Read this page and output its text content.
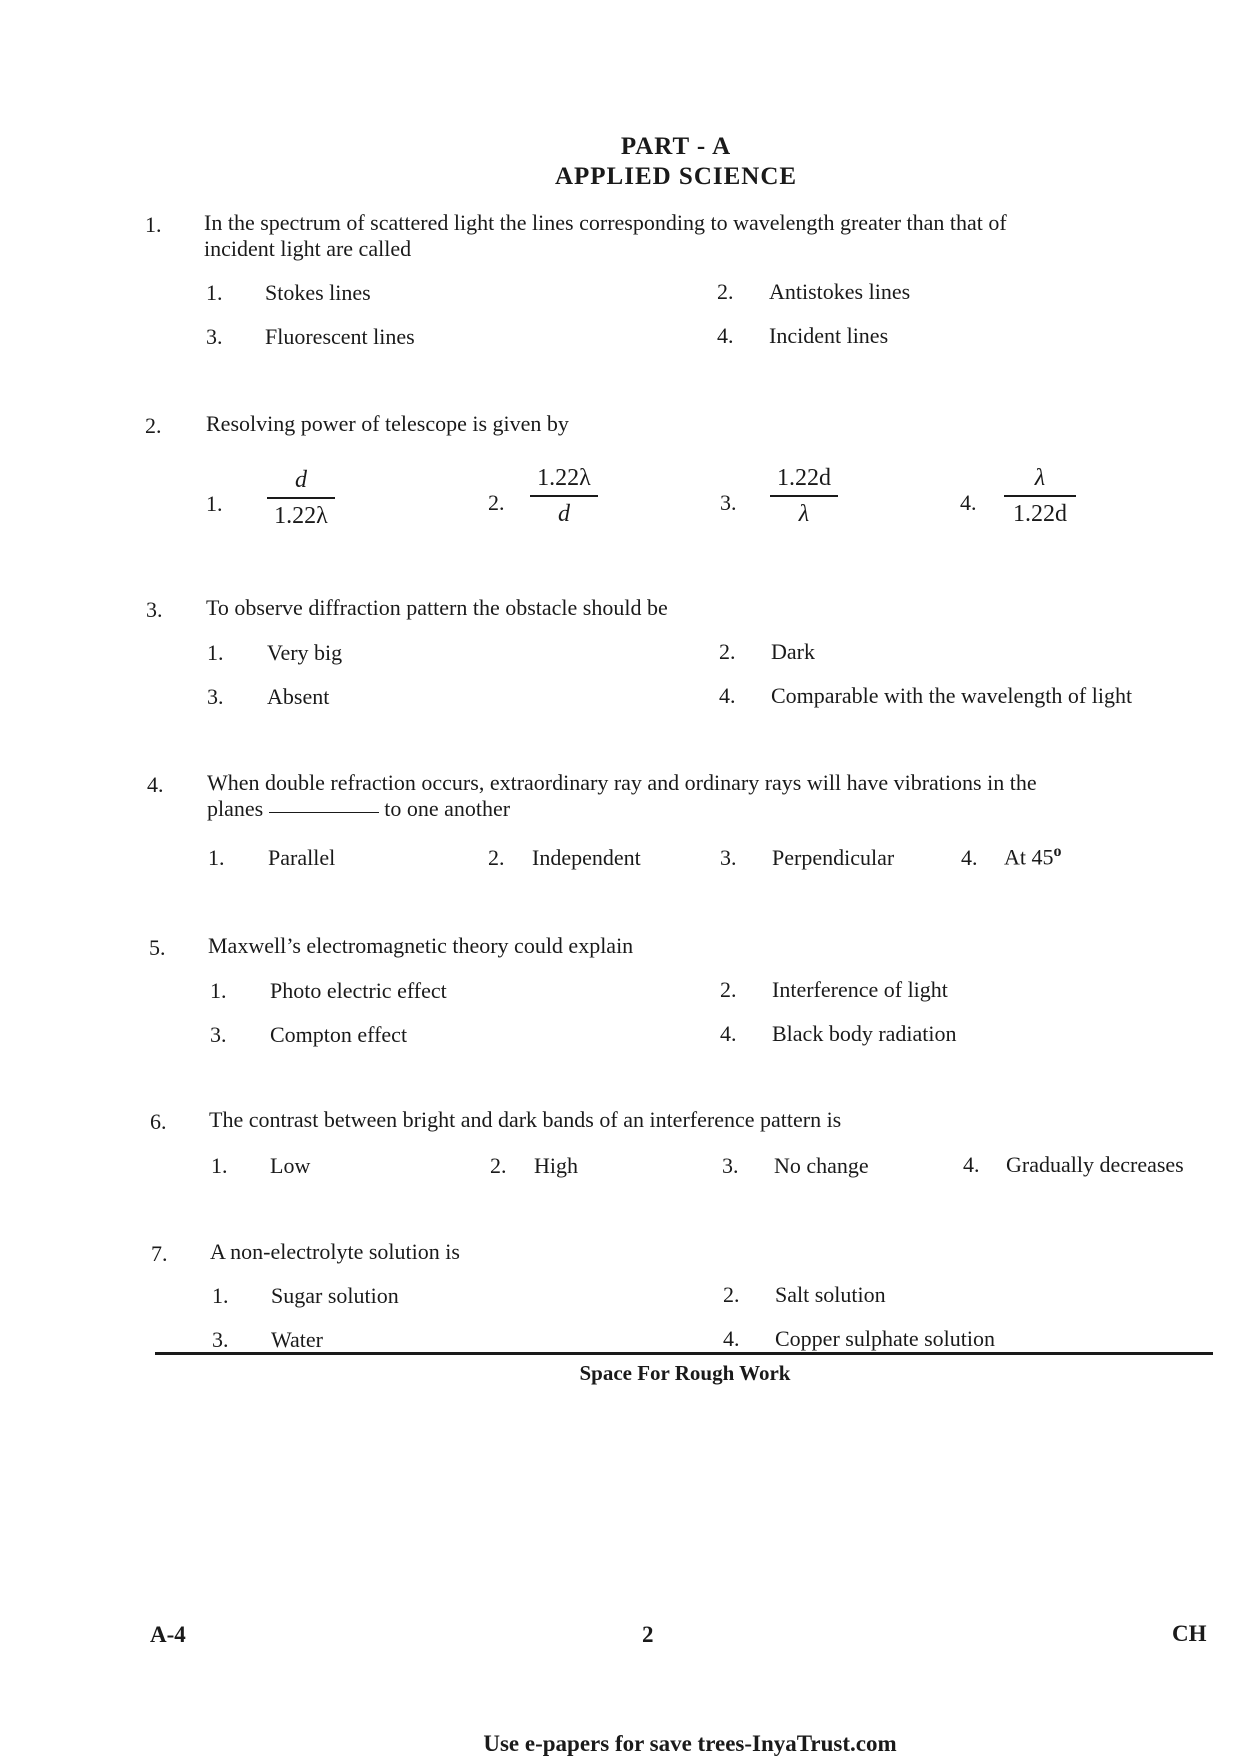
PART - A
APPLIED SCIENCE
1. In the spectrum of scattered light the lines corresponding to wavelength greater than that of
incident light are called
1. Stokes lines	2. Antistokes lines
3. Fluorescent lines	4. Incident lines
2. Resolving power of telescope is given by
1.
d
1.22λ
2.
1.22λ
d	3.
1.22d
λ	4.
λ
1.22d
3. To observe diffraction pattern the obstacle should be
1. Very big	2. Dark
3. Absent	4. Comparable with the wavelength of light
4. When double refraction occurs, extraordinary ray and ordinary rays will have vibrations in the
planes	to one another
1. Parallel	2. Independent	3. Perpendicular	4. At 45$^o$
5. Maxwell’s electromagnetic theory could explain
1. Photo electric effect	2. Interference of light
3. Compton effect	4. Black body radiation
6. The contrast between bright and dark bands of an interference pattern is
1. Low	2. High	3. No change	4. Gradually decreases
7. A non-electrolyte solution is
1. Sugar solution	2. Salt solution
3. Water	4. Copper sulphate solution
Space For Rough Work
A-4	2	CH
Use e-papers for save trees-InyaTrust.com
